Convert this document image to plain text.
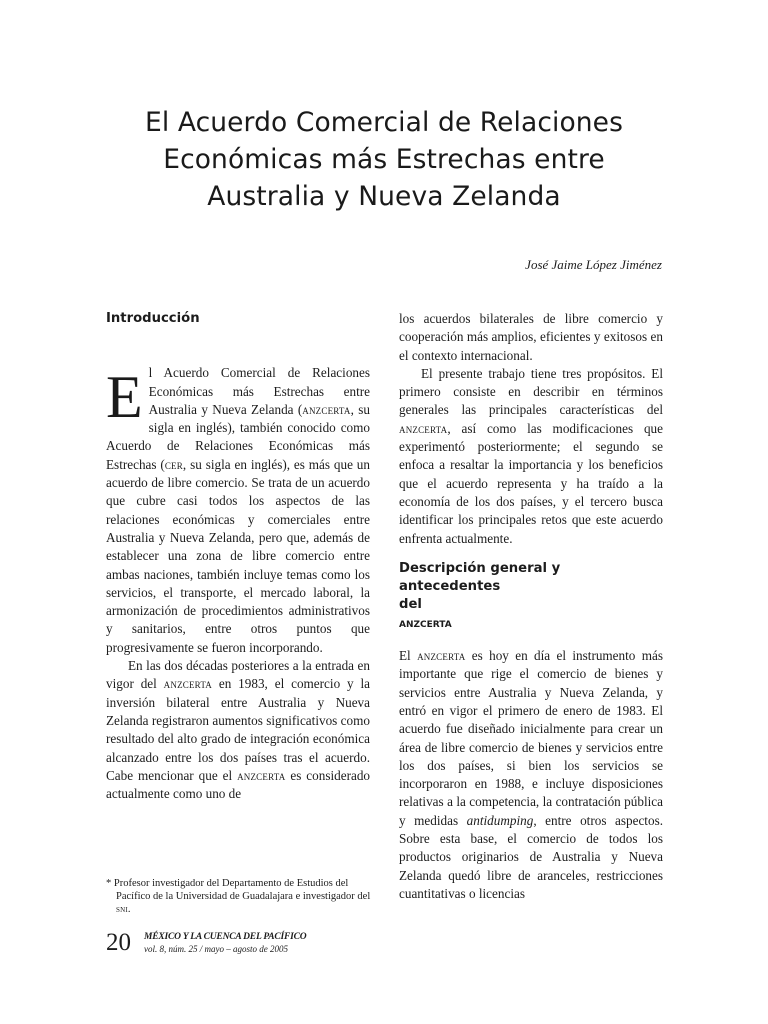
El Acuerdo Comercial de Relaciones
Económicas más Estrechas entre
Australia y Nueva Zelanda
José Jaime López Jiménez
Introducción

El Acuerdo Comercial de Relaciones Económicas más Estrechas entre Australia y Nueva Zelanda (anzcerta, su sigla en inglés), también conocido como Acuerdo de Relaciones Económicas más Estrechas (cer, su sigla en inglés), es más que un acuerdo de libre comercio. Se trata de un acuerdo que cubre casi todos los aspectos de las relaciones económicas y comerciales entre Australia y Nueva Zelanda, pero que, además de establecer una zona de libre comercio entre ambas naciones, también incluye temas como los servicios, el transporte, el mercado laboral, la armonización de procedimientos administrativos y sanitarios, entre otros puntos que progresivamente se fueron incorporando.

En las dos décadas posteriores a la entrada en vigor del anzcerta en 1983, el comercio y la inversión bilateral entre Australia y Nueva Zelanda registraron aumentos significativos como resultado del alto grado de integración económica alcanzado entre los dos países tras el acuerdo. Cabe mencionar que el anzcerta es considerado actualmente como uno de

los acuerdos bilaterales de libre comercio y cooperación más amplios, eficientes y exitosos en el contexto internacional.

El presente trabajo tiene tres propósitos. El primero consiste en describir en términos generales las principales características del anzcerta, así como las modificaciones que experimentó posteriormente; el segundo se enfoca a resaltar la importancia y los beneficios que el acuerdo representa y ha traído a la economía de los dos países, y el tercero busca identificar los principales retos que este acuerdo enfrenta actualmente.

Descripción general y antecedentes
del
anzcerta

El anzcerta es hoy en día el instrumento más importante que rige el comercio de bienes y servicios entre Australia y Nueva Zelanda, y entró en vigor el primero de enero de 1983. El acuerdo fue diseñado inicialmente para crear un área de libre comercio de bienes y servicios entre los dos países, si bien los servicios se incorporaron en 1988, e incluye disposiciones relativas a la competencia, la contratación pública y medidas antidumping, entre otros aspectos. Sobre esta base, el comercio de todos los productos originarios de Australia y Nueva Zelanda quedó libre de aranceles, restricciones cuantitativas o licencias

* Profesor investigador del Departamento de Estudios del Pacífico de la Universidad de Guadalajara e investigador del sni.
20 MÉXICO Y LA CUENCA DEL PACÍFICO
vol. 8, núm. 25 / mayo – agosto de 2005
